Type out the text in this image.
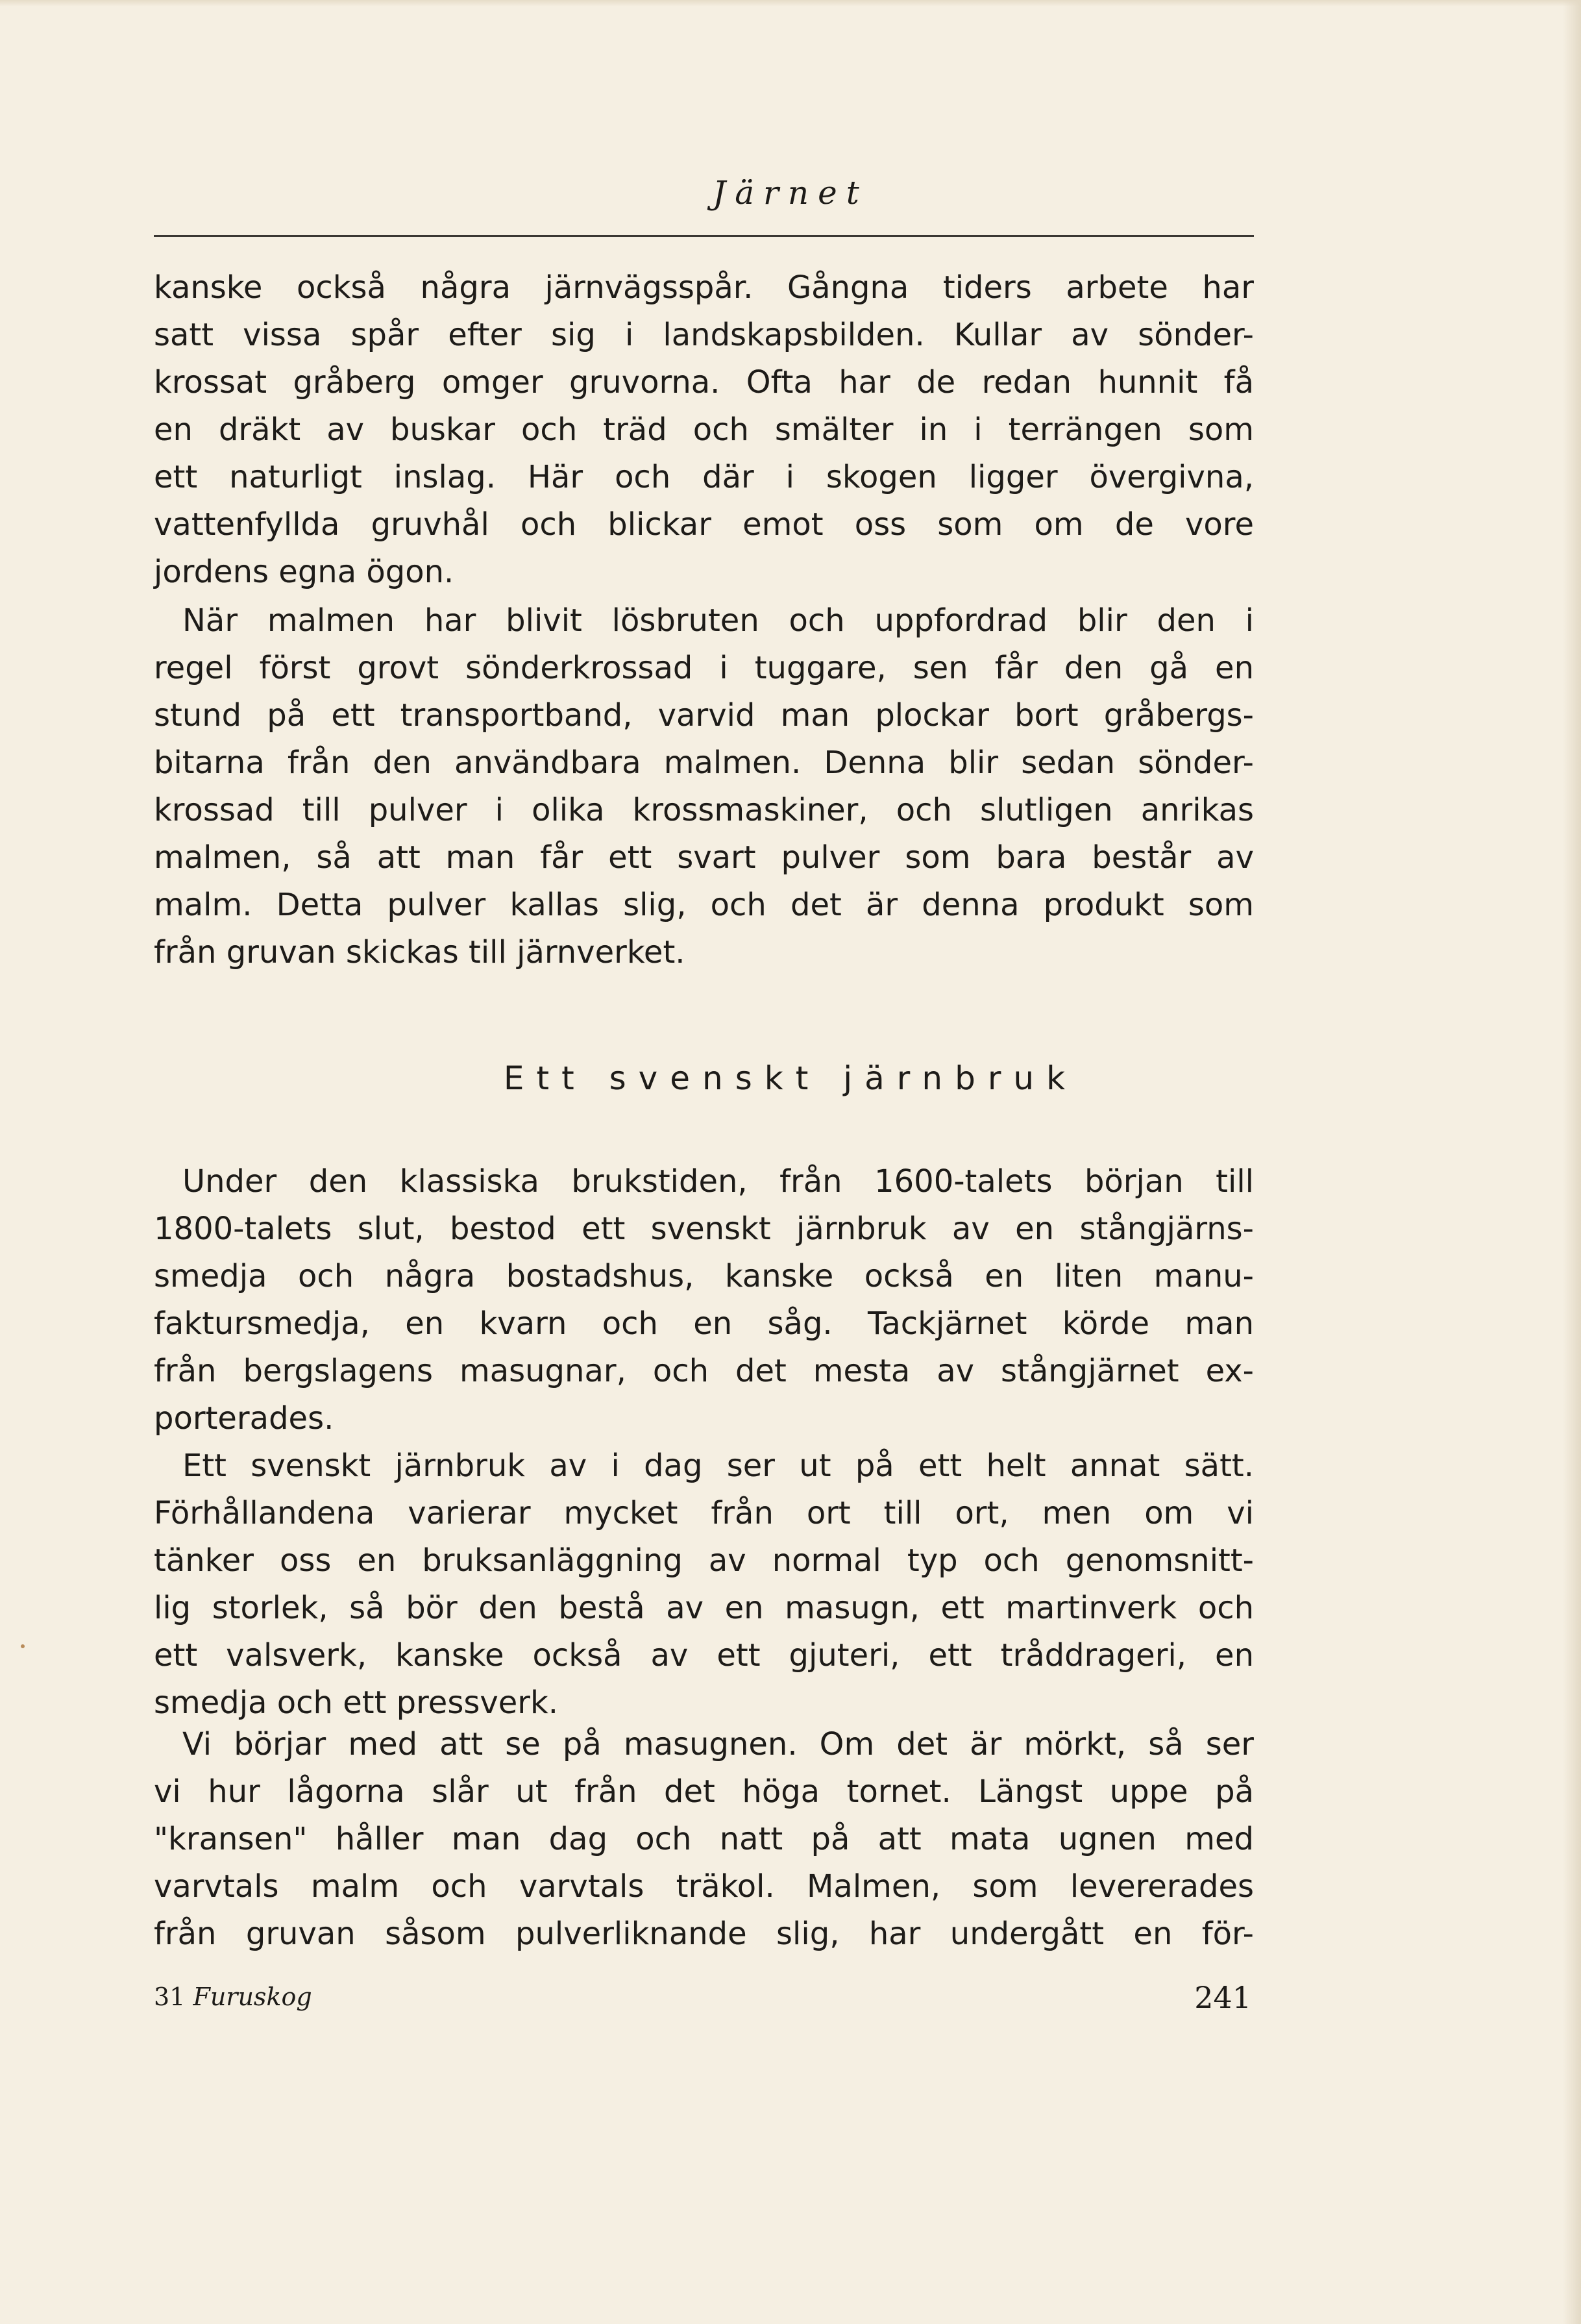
Järnet

kanske också några järnvägsspår. Gångna tiders arbete har
satt vissa spår efter sig i landskapsbilden. Kullar av sönder-
krossat gråberg omger gruvorna. Ofta har de redan hunnit få
en dräkt av buskar och träd och smälter in i terrängen som
ett naturligt inslag. Här och där i skogen ligger övergivna,
vattenfyllda gruvhål och blickar emot oss som om de vore
jordens egna ögon.

När malmen har blivit lösbruten och uppfordrad blir den i
regel först grovt sönderkrossad i tuggare, sen får den gå en
stund på ett transportband, varvid man plockar bort gråbergs-
bitarna från den användbara malmen. Denna blir sedan sönder-
krossad till pulver i olika krossmaskiner, och slutligen anrikas
malmen, så att man får ett svart pulver som bara består av
malm. Detta pulver kallas slig, och det är denna produkt som
från gruvan skickas till järnverket.

Ett svenskt järnbruk

Under den klassiska brukstiden, från 1600-talets början till
1800-talets slut, bestod ett svenskt järnbruk av en stångjärns-
smedja och några bostadshus, kanske också en liten manu-
faktursmedja, en kvarn och en såg. Tackjärnet körde man
från bergslagens masugnar, och det mesta av stångjärnet ex-
porterades.

Ett svenskt järnbruk av i dag ser ut på ett helt annat sätt.
Förhållandena varierar mycket från ort till ort, men om vi
tänker oss en bruksanläggning av normal typ och genomsnitt-
lig storlek, så bör den bestå av en masugn, ett martinverk och
ett valsverk, kanske också av ett gjuteri, ett tråddrageri, en
smedja och ett pressverk.

Vi börjar med att se på masugnen. Om det är mörkt, så ser
vi hur lågorna slår ut från det höga tornet. Längst uppe på
"kransen" håller man dag och natt på att mata ugnen med
varvtals malm och varvtals träkol. Malmen, som levererades
från gruvan såsom pulverliknande slig, har undergått en för-

31 Furuskog	241
